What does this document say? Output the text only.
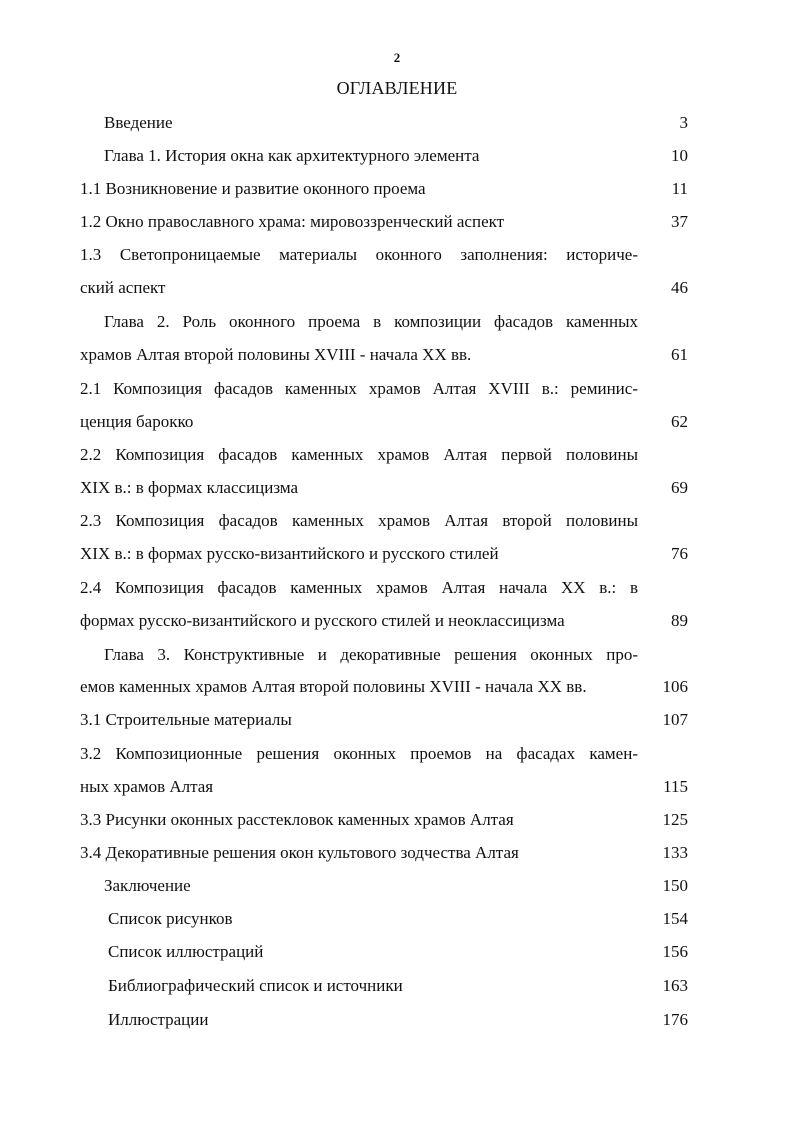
2
ОГЛАВЛЕНИЕ
Введение	3
Глава 1. История окна как архитектурного элемента	10
1.1 Возникновение и развитие оконного проема	11
1.2 Окно православного храма: мировоззренческий аспект	37
1.3 Светопроницаемые материалы оконного заполнения: историче-
ский аспект	46
Глава 2. Роль оконного проема в композиции фасадов каменных
храмов Алтая второй половины XVIII - начала XX вв.	61
2.1 Композиция фасадов каменных храмов Алтая XVIII в.: реминис-
ценция барокко	62
2.2 Композиция фасадов каменных храмов Алтая первой половины
XIX в.: в формах классицизма	69
2.3 Композиция фасадов каменных храмов Алтая второй половины
XIX в.: в формах русско-византийского и русского стилей	76
2.4 Композиция фасадов каменных храмов Алтая начала XX в.: в
формах русско-византийского и русского стилей и неоклассицизма	89
Глава 3. Конструктивные и декоративные решения оконных про-
емов каменных храмов Алтая второй половины XVIII - начала XX вв.	106
3.1 Строительные материалы	107
3.2 Композиционные решения оконных проемов на фасадах камен-
ных храмов Алтая	115
3.3 Рисунки оконных расстекловок каменных храмов Алтая	125
3.4 Декоративные решения окон культового зодчества Алтая	133
Заключение	150
Список рисунков	154
Список иллюстраций	156
Библиографический список и источники	163
Иллюстрации	176
